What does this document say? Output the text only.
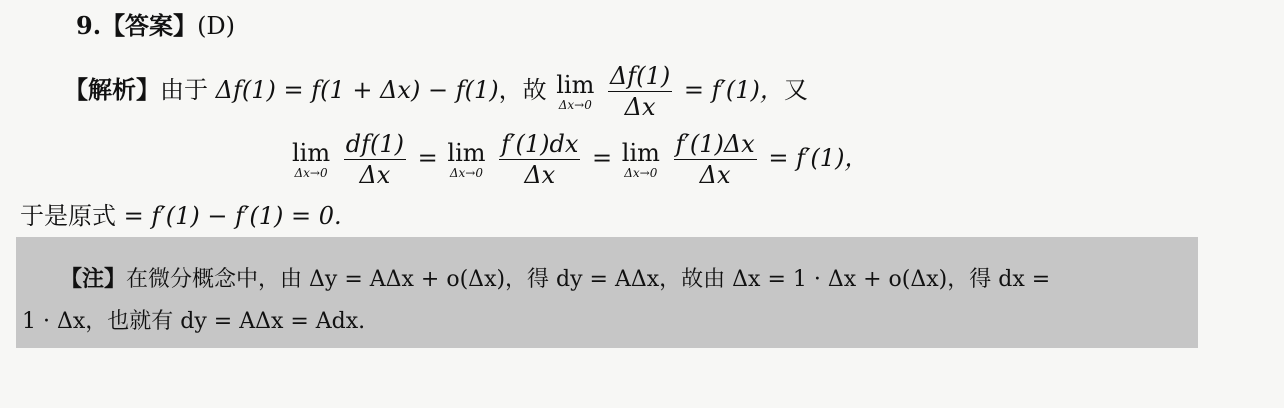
9.【答案】(D)
【解析】由于 Δf(1) = f(1 + Δx) − f(1)，故 lim
Δx→0
$\frac{\Delta f(1)}{\Delta x} = f'(1)$，又
lim
Δx→0
$\frac{df(1)}{\Delta x} = \lim$
Δx→0
$\frac{f'(1)dx}{\Delta x} = \lim$
Δx→0
$\frac{f'(1)\Delta x}{\Delta x} = f'(1)$，
于是原式 = f′(1) − f′(1) = 0.
【注】在微分概念中，由 Δy = AΔx + o(Δx)，得 dy = AΔx，故由 Δx = 1 · Δx + o(Δx)，得 dx =
1 · Δx，也就有 dy = AΔx = Adx.
